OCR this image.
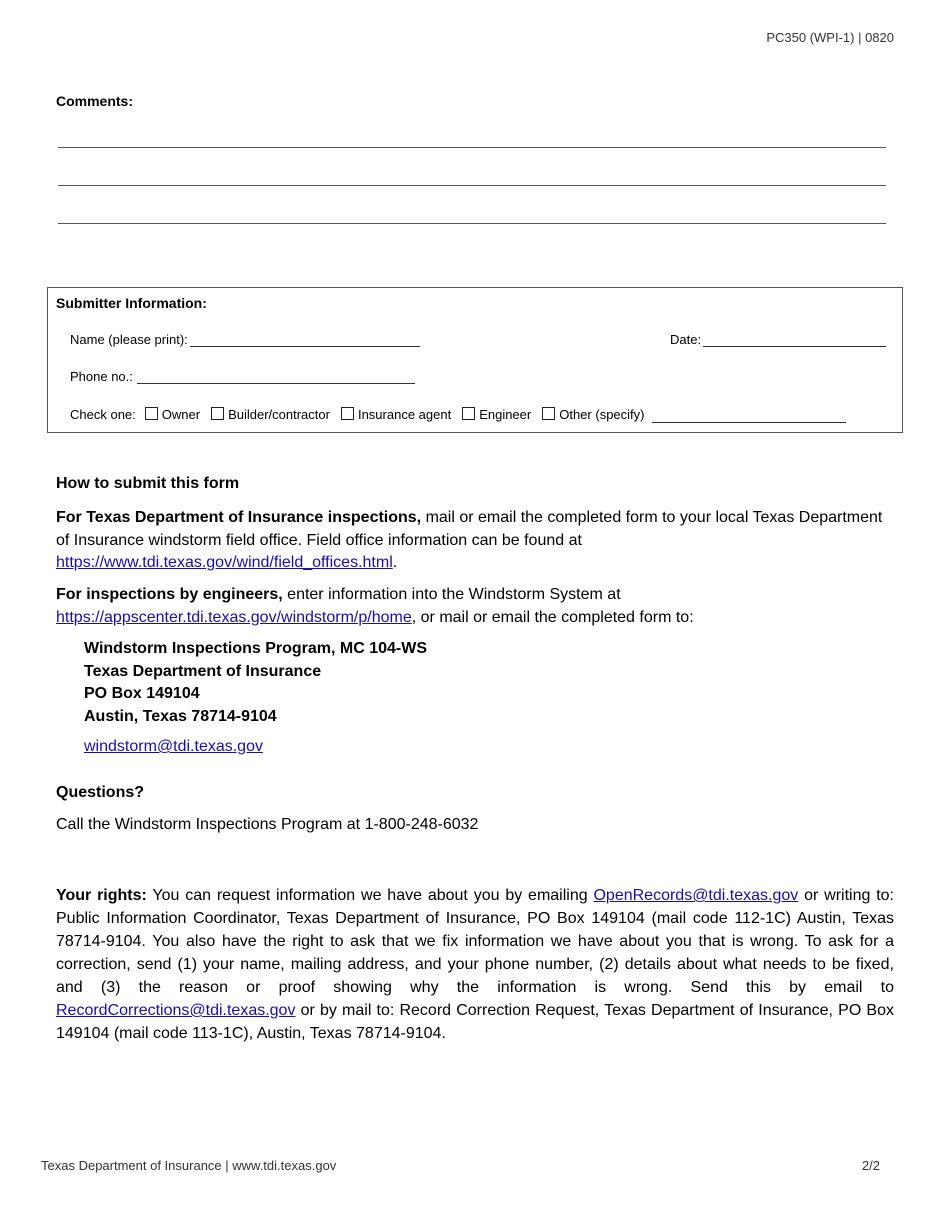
PC350 (WPI-1) | 0820
Comments:
Submitter Information:
Name (please print):	Date:
Phone no.:
Check one: Owner Builder/contractor Insurance agent Engineer Other (specify)
How to submit this form
For Texas Department of Insurance inspections, mail or email the completed form to your local Texas Department of Insurance windstorm field office. Field office information can be found at https://www.tdi.texas.gov/wind/field_offices.html.
For inspections by engineers, enter information into the Windstorm System at https://appscenter.tdi.texas.gov/windstorm/p/home, or mail or email the completed form to:
Windstorm Inspections Program, MC 104-WS
Texas Department of Insurance
PO Box 149104
Austin, Texas 78714-9104
windstorm@tdi.texas.gov
Questions?
Call the Windstorm Inspections Program at 1-800-248-6032
Your rights: You can request information we have about you by emailing OpenRecords@tdi.texas.gov or writing to: Public Information Coordinator, Texas Department of Insurance, PO Box 149104 (mail code 112-1C) Austin, Texas 78714-9104. You also have the right to ask that we fix information we have about you that is wrong. To ask for a correction, send (1) your name, mailing address, and your phone number, (2) details about what needs to be fixed, and (3) the reason or proof showing why the information is wrong. Send this by email to RecordCorrections@tdi.texas.gov or by mail to: Record Correction Request, Texas Department of Insurance, PO Box 149104 (mail code 113-1C), Austin, Texas 78714-9104.
Texas Department of Insurance | www.tdi.texas.gov	2/2
